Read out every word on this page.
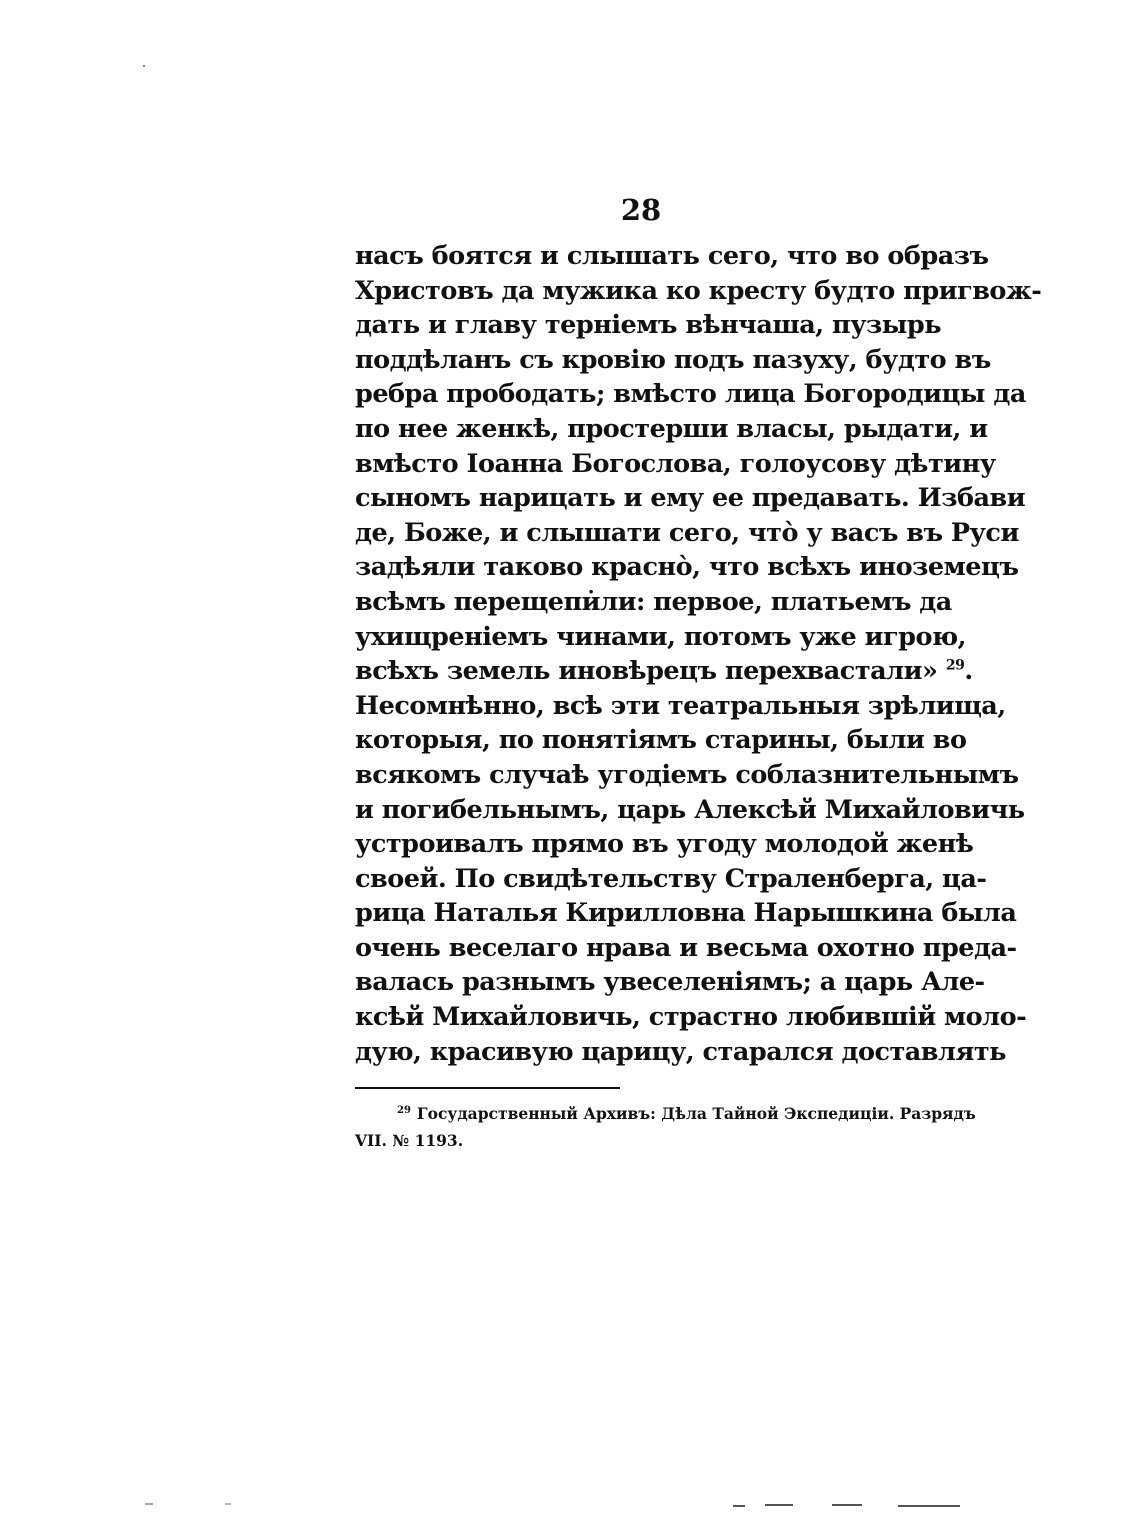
28
насъ боятся и слышать сего, что во образъ
Христовъ да мужика ко кресту будто пригвож-
дать и главу терніемъ вѣнчаша, пузырь
поддѣланъ съ кровію подъ пазуху, будто въ
ребра прободать; вмѣсто лица Богородицы да
по нее женкѣ, простерши власы, рыдати, и
вмѣсто Іоанна Богослова, голоусову дѣтину
сыномъ нарицать и ему ее предавать. Избави
де, Боже, и слышати сего, что̀ у васъ въ Руси
задѣяли таково красно̀, что всѣхъ иноземецъ
всѣмъ перещепи̇ли: первое, платьемъ да
ухищреніемъ чинами, потомъ уже игрою,
всѣхъ земель иновѣрецъ перехвастали» $^{29}$.
Несомнѣнно, всѣ эти театральныя зрѣлища,
которыя, по понятіямъ старины, были во
всякомъ случаѣ угодіемъ соблазнительнымъ
и погибельнымъ, царь Алексѣй Михайловичь
устроивалъ прямо въ угоду молодой женѣ
своей. По свидѣтельству Страленберга, ца-
рица Наталья Кирилловна Нарышкина была
очень веселаго нрава и весьма охотно преда-
валась разнымъ увеселеніямъ; а царь Але-
ксѣй Михайловичь, страстно любившій моло-
дую, красивую царицу, старался доставлять
$^{29}$ Государственный Архивъ: Дѣла Тайной Экспедиціи. Разрядъ
VII. № 1193.
